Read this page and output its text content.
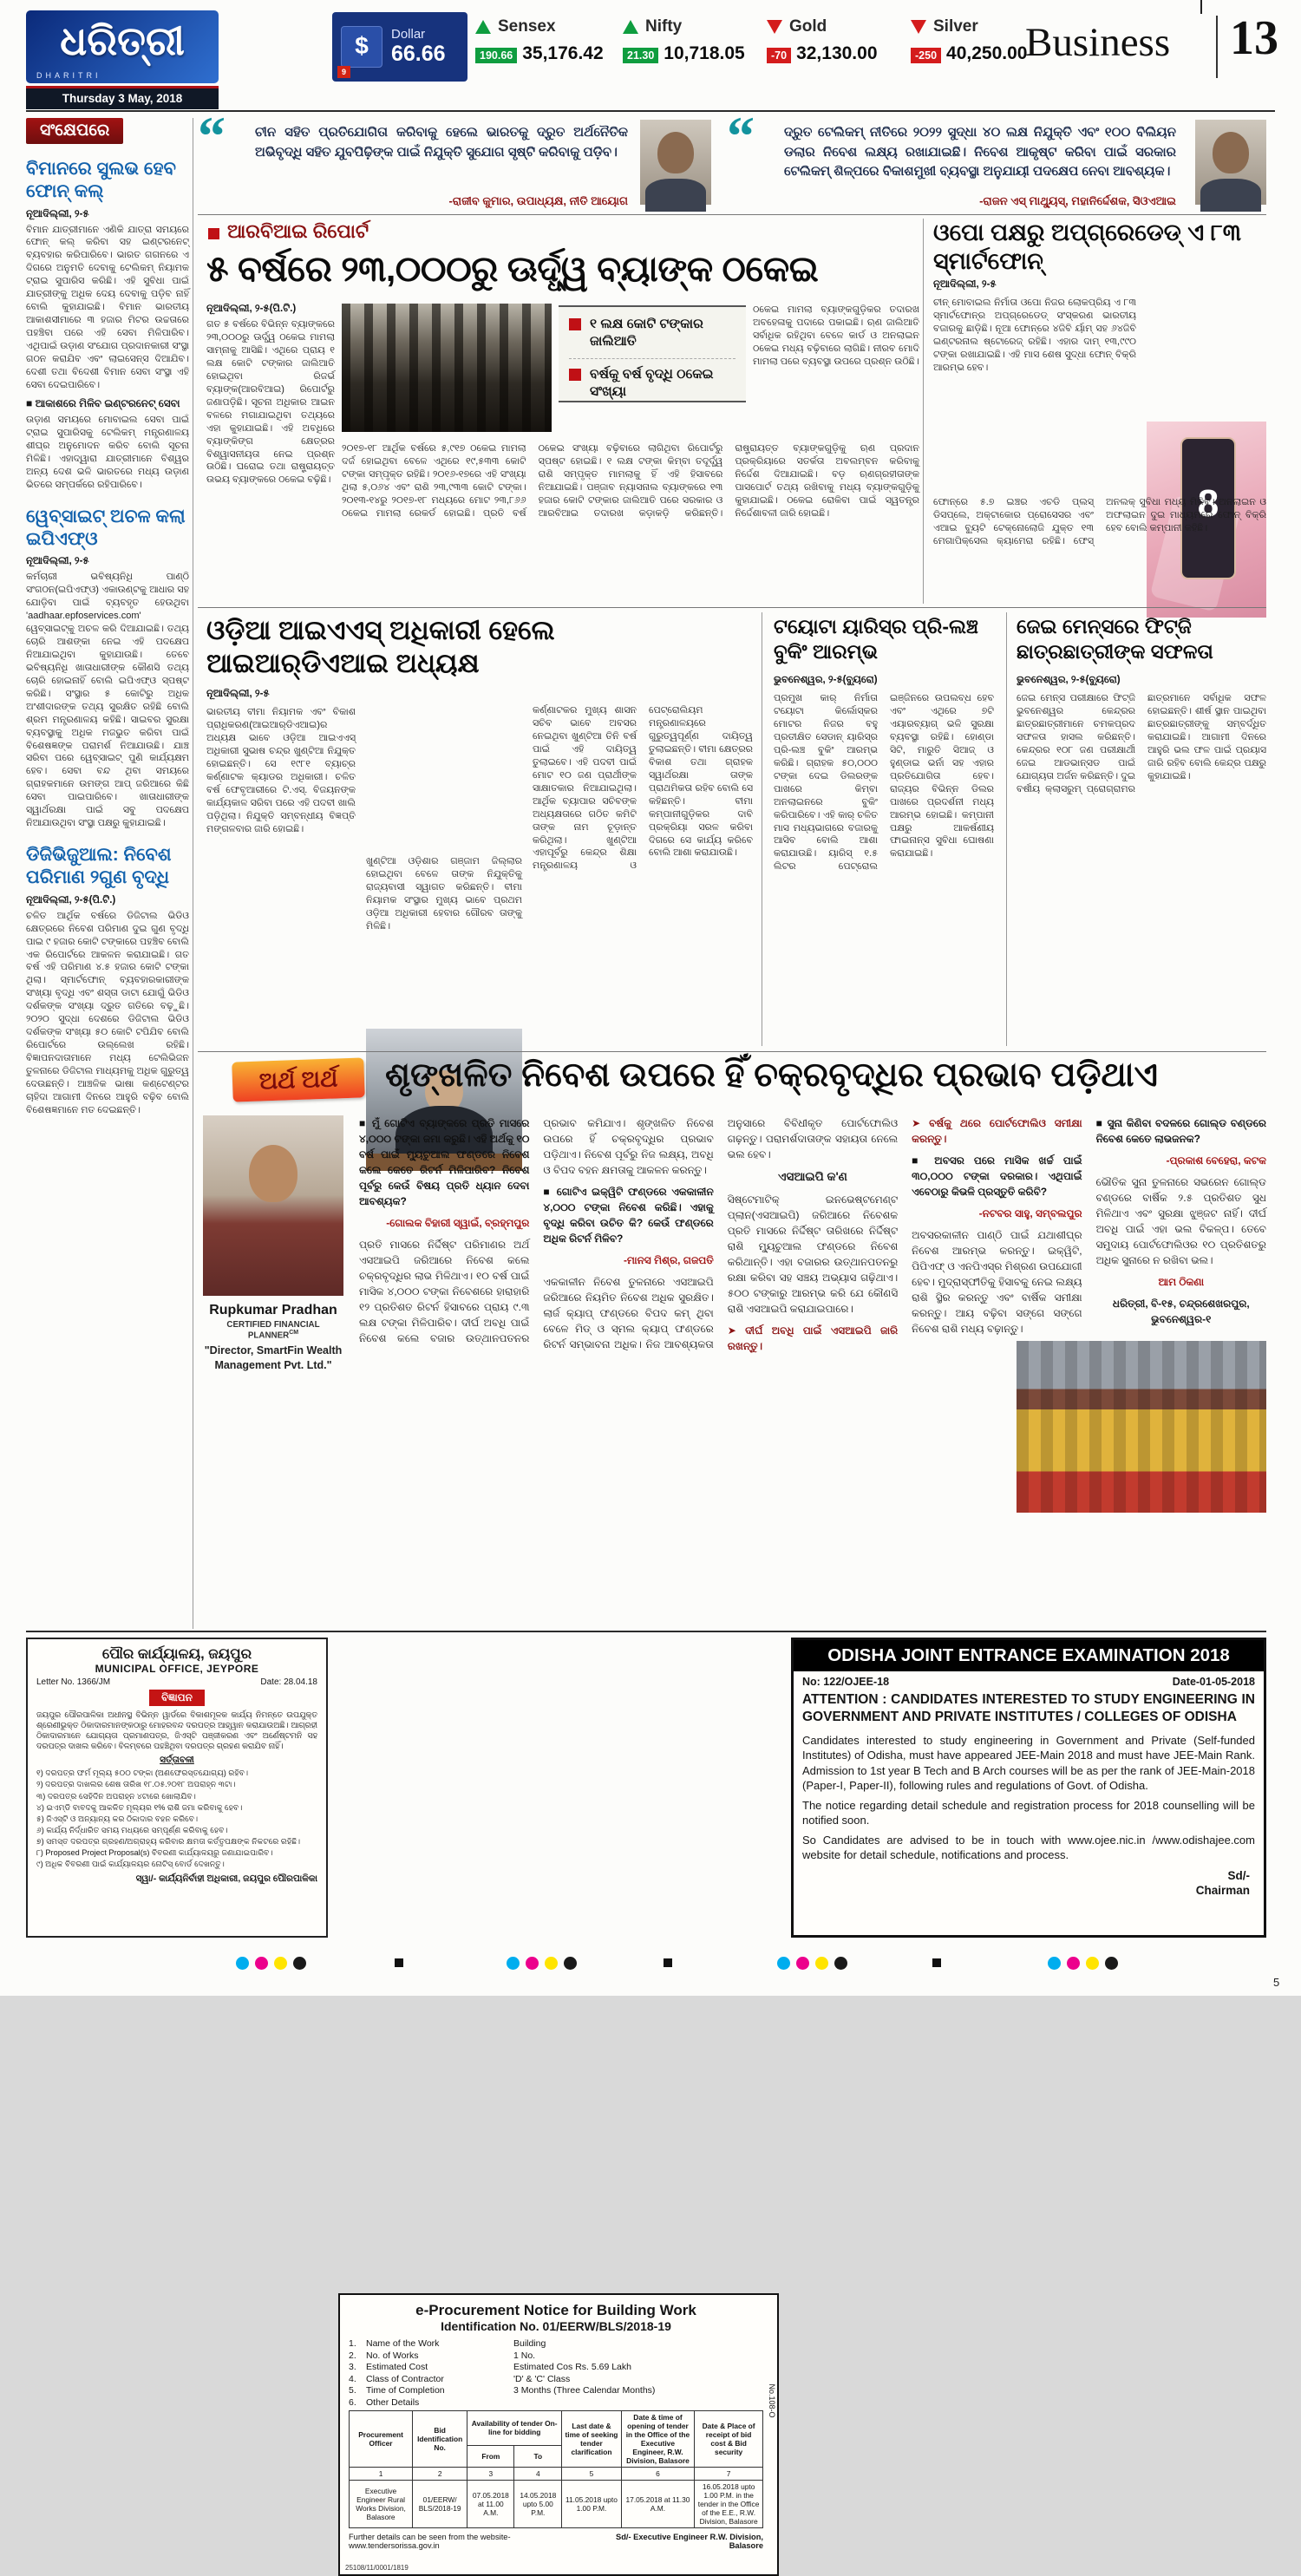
ଧରିତ୍ରୀ
DHARITRI
Thursday 3 May, 2018
$
9
Dollar
66.66
Sensex
190.66 35,176.42
Nifty
21.30 10,718.05
Gold
-70 32,130.00
Silver
-250 40,250.00
Business 13
“ ଚୀନ ସହିତ ପ୍ରତିଯୋଗିତା କରିବାକୁ ହେଲେ ଭାରତକୁ ଦ୍ରୁତ ଅର୍ଥନୈତିକ ଅଭିବୃଦ୍ଧି ସହିତ ଯୁବପିଢ଼ିଙ୍କ ପାଇଁ ନିଯୁକ୍ତି ସୁଯୋଗ ସୃଷ୍ଟି କରିବାକୁ ପଡ଼ିବ।
-ରାଜୀବ କୁମାର, ଉପାଧ୍ୟକ୍ଷ, ନୀତି ଆୟୋଗ
“ ଦ୍ରୁତ ଟେଲିକମ୍ ନୀତିରେ ୨୦୨୨ ସୁଦ୍ଧା ୪୦ ଲକ୍ଷ ନିଯୁକ୍ତି ଏବଂ ୧୦୦ ବିଲିୟନ ଡଲାର ନିବେଶ ଲକ୍ଷ୍ୟ ରଖାଯାଇଛି। ନିବେଶ ଆକୃଷ୍ଟ କରିବା ପାଇଁ ସରକାର ଟେଲିକମ୍ ଶିଳ୍ପରେ ବିକାଶମୁଖୀ ବ୍ୟବସ୍ଥା ଅନୁଯାୟୀ ପଦକ୍ଷେପ ନେବା ଆବଶ୍ୟକ।
-ରାଜନ ଏସ୍ ମାଥ୍ୟୁସ୍, ମହାନିର୍ଦ୍ଦେଶକ, ସିଓଏଆଇ
ସଂକ୍ଷେପରେ
ବିମାନରେ ସୁଲଭ ହେବ ଫୋନ୍ କଲ୍
ନୂଆଦିଲ୍ଲୀ, ୨-୫

ବିମାନ ଯାତ୍ରୀମାନେ ଏଣିକି ଯାତ୍ରା ସମୟରେ ଫୋନ୍ କଲ୍ କରିବା ସହ ଇଣ୍ଟରନେଟ୍ ବ୍ୟବହାର କରିପାରିବେ। ଭାରତ ଗଗନରେ ଏ ଦିଗରେ ଅନୁମତି ଦେବାକୁ ଟେଲିକମ୍ ନିୟାମକ ଟ୍ରାଇ ସୁପାରିସ କରିଛି। ଏହି ସୁବିଧା ପାଇଁ ଯାତ୍ରୀଙ୍କୁ ଅଧିକ ଦେୟ ଦେବାକୁ ପଡ଼ିବ ନାହିଁ ବୋଲି କୁହାଯାଇଛି। ବିମାନ ଭାରତୀୟ ଆକାଶସୀମାରେ ୩ ହଜାର ମିଟର ଉଚ୍ଚତାରେ ପହଞ୍ଚିବା ପରେ ଏହି ସେବା ମିଳିପାରିବ। ଏଥିପାଇଁ ଉଡ଼ାଣ ସଂଯୋଗ ପ୍ରଦାନକାରୀ ସଂସ୍ଥା ଗଠନ କରାଯିବ ଏବଂ ଲାଇସେନ୍ସ ଦିଆଯିବ। ଦେଶୀ ତଥା ବିଦେଶୀ ବିମାନ ସେବା ସଂସ୍ଥା ଏହି ସେବା ଦେଇପାରିବେ।

■ ଆକାଶରେ ମିଳିବ ଇଣ୍ଟରନେଟ୍ ସେବା

ଉଡ଼ାଣ ସମୟରେ ମୋବାଇଲ ସେବା ପାଇଁ ଟ୍ରାଇ ସୁପାରିସକୁ ଟେଲିକମ୍ ମନ୍ତ୍ରଣାଳୟ ଶୀଘ୍ର ଅନୁମୋଦନ କରିବ ବୋଲି ସୂଚନା ମିଳିଛି। ଏହାଦ୍ୱାରା ଯାତ୍ରୀମାନେ ବିଶ୍ୱର ଅନ୍ୟ ଦେଶ ଭଳି ଭାରତରେ ମଧ୍ୟ ଉଡ଼ାଣ ଭିତରେ ସମ୍ପର୍କରେ ରହିପାରିବେ।

ୱେବ୍‌ସାଇଟ୍ ଅଚଳ କଲା ଇପିଏଫ୍ଓ
ନୂଆଦିଲ୍ଲୀ, ୨-୫

କର୍ମଚାରୀ ଭବିଷ୍ୟନିଧି ପାଣ୍ଠି ସଂଗଠନ(ଇପିଏଫ୍ଓ) ଏକାଉଣ୍ଟକୁ ଆଧାର ସହ ଯୋଡ଼ିବା ପାଇଁ ବ୍ୟବହୃତ ହେଉଥିବା 'aadhaar.epfoservices.com' ୱେବ୍‌ସାଇଟ୍‌କୁ ଅଚଳ କରି ଦିଆଯାଇଛି। ତଥ୍ୟ ଚୋରି ଆଶଙ୍କା ନେଇ ଏହି ପଦକ୍ଷେପ ନିଆଯାଇଥିବା କୁହାଯାଉଛି। ତେବେ ଭବିଷ୍ୟନିଧି ଖାତାଧାରୀଙ୍କ କୌଣସି ତଥ୍ୟ ଚୋରି ହୋଇନାହିଁ ବୋଲି ଇପିଏଫ୍ଓ ସ୍ପଷ୍ଟ କରିଛି। ସଂସ୍ଥାର ୫ କୋଟିରୁ ଅଧିକ ଅଂଶୀଦାରଙ୍କ ତଥ୍ୟ ସୁରକ୍ଷିତ ରହିଛି ବୋଲି ଶ୍ରମ ମନ୍ତ୍ରଣାଳୟ କହିଛି। ସାଇବର ସୁରକ୍ଷା ବ୍ୟବସ୍ଥାକୁ ଅଧିକ ମଜଭୁତ କରିବା ପାଇଁ ବିଶେଷଜ୍ଞଙ୍କ ପରାମର୍ଶ ନିଆଯାଉଛି। ଯାଞ୍ଚ ସରିବା ପରେ ୱେବ୍‌ସାଇଟ୍ ପୁଣି କାର୍ଯ୍ୟକ୍ଷମ ହେବ। ସେବା ବନ୍ଦ ଥିବା ସମୟରେ ଗ୍ରାହକମାନେ ଉମଙ୍ଗ ଆପ୍ ଜରିଆରେ କିଛି ସେବା ପାଇପାରିବେ। ଖାତାଧାରୀଙ୍କ ସ୍ୱାର୍ଥରକ୍ଷା ପାଇଁ ସବୁ ପଦକ୍ଷେପ ନିଆଯାଉଥିବା ସଂସ୍ଥା ପକ୍ଷରୁ କୁହାଯାଇଛି।

ଡିଜିଭିଜୁଆଲ: ନିବେଶ ପରିମାଣ ୨ଗୁଣ ବୃଦ୍ଧି
ନୂଆଦିଲ୍ଲୀ, ୨-୫(ପି.ଟି.)

ଚଳିତ ଆର୍ଥିକ ବର୍ଷରେ ଡିଜିଟାଲ ଭିଡିଓ କ୍ଷେତ୍ରରେ ନିବେଶ ପରିମାଣ ଦୁଇ ଗୁଣ ବୃଦ୍ଧି ପାଇ ୯ ହଜାର କୋଟି ଟଙ୍କାରେ ପହଞ୍ଚିବ ବୋଲି ଏକ ରିପୋର୍ଟରେ ଆକଳନ କରାଯାଇଛି। ଗତ ବର୍ଷ ଏହି ପରିମାଣ ୪.୫ ହଜାର କୋଟି ଟଙ୍କା ଥିଲା। ସ୍ମାର୍ଟଫୋନ୍ ବ୍ୟବହାରକାରୀଙ୍କ ସଂଖ୍ୟା ବୃଦ୍ଧି ଏବଂ ଶସ୍ତା ଡାଟା ଯୋଗୁଁ ଭିଡିଓ ଦର୍ଶକଙ୍କ ସଂଖ୍ୟା ଦ୍ରୁତ ଗତିରେ ବଢ଼ୁଛି। ୨୦୨୦ ସୁଦ୍ଧା ଦେଶରେ ଡିଜିଟାଲ ଭିଡିଓ ଦର୍ଶକଙ୍କ ସଂଖ୍ୟା ୫୦ କୋଟି ଟପିଯିବ ବୋଲି ରିପୋର୍ଟରେ ଉଲ୍ଲେଖ ରହିଛି। ବିଜ୍ଞାପନଦାତାମାନେ ମଧ୍ୟ ଟେଲିଭିଜନ ତୁଳନାରେ ଡିଜିଟାଲ ମାଧ୍ୟମକୁ ଅଧିକ ଗୁରୁତ୍ୱ ଦେଉଛନ୍ତି। ଆଞ୍ଚଳିକ ଭାଷା କଣ୍ଟେଣ୍ଟର ଚାହିଦା ଆଗାମୀ ଦିନରେ ଆହୁରି ବଢ଼ିବ ବୋଲି ବିଶେଷଜ୍ଞମାନେ ମତ ଦେଇଛନ୍ତି।

ଆରବିଆଇ ରିପୋର୍ଟ
୫ ବର୍ଷରେ ୨୩,୦୦୦ରୁ ଊର୍ଦ୍ଧ୍ୱ ବ୍ୟାଙ୍କ ଠକେଇ
ନୂଆଦିଲ୍ଲୀ, ୨-୫(ପି.ଟି.)
ଗତ ୫ ବର୍ଷରେ ବିଭିନ୍ନ ବ୍ୟାଙ୍କରେ ୨୩,୦୦୦ରୁ ଊର୍ଦ୍ଧ୍ୱ ଠକେଇ ମାମଲା ସାମ୍ନାକୁ ଆସିଛି। ଏଥିରେ ପ୍ରାୟ ୧ ଲକ୍ଷ କୋଟି ଟଙ୍କାର ଜାଲିଆତି ହୋଇଥିବା ରିଜର୍ଭ ବ୍ୟାଙ୍କ(ଆରବିଆଇ) ରିପୋର୍ଟରୁ ଜଣାପଡ଼ିଛି। ସୂଚନା ଅଧିକାର ଆଇନ ବଳରେ ମଗାଯାଇଥିବା ତଥ୍ୟରେ ଏହା କୁହାଯାଇଛି। ଏହି ଅବଧିରେ ବ୍ୟାଙ୍କିଙ୍ଗ କ୍ଷେତ୍ରର ବିଶ୍ୱାସନୀୟତା ନେଇ ପ୍ରଶ୍ନ ଉଠିଛି। ଘରୋଇ ତଥା ରାଷ୍ଟ୍ରାୟତ୍ତ ଉଭୟ ବ୍ୟାଙ୍କରେ ଠକେଇ ବଢ଼ିଛି।
୧ ଲକ୍ଷ କୋଟି ଟଙ୍କାର ଜାଲିଆତି
ବର୍ଷକୁ ବର୍ଷ ବୃଦ୍ଧି ଠକେଇ ସଂଖ୍ୟା
ଠକେଇ ମାମଲା ବ୍ୟାଙ୍କଗୁଡ଼ିକର ତଦାରଖ ଅବହେଳାକୁ ପଦାରେ ପକାଇଛି। ଋଣ ଜାଲିଆତି ସର୍ବାଧିକ ରହିଥିବା ବେଳେ କାର୍ଡ ଓ ଅନଲାଇନ ଠକେଇ ମଧ୍ୟ ବଢ଼ିବାରେ ଲାଗିଛି। ନୀରବ ମୋଦି ମାମଲା ପରେ ବ୍ୟବସ୍ଥା ଉପରେ ପ୍ରଶ୍ନ ଉଠିଛି।
୨୦୧୭-୧୮ ଆର୍ଥିକ ବର୍ଷରେ ୫,୯୧୭ ଠକେଇ ମାମଲା ଦର୍ଜ ହୋଇଥିବା ବେଳେ ଏଥିରେ ୧୯,୫୩୩ କୋଟି ଟଙ୍କା ସମ୍ପୃକ୍ତ ରହିଛି। ୨୦୧୬-୧୭ରେ ଏହି ସଂଖ୍ୟା ଥିଲା ୫,୦୬୪ ଏବଂ ରାଶି ୨୩,୯୩୩ କୋଟି ଟଙ୍କା। ୨୦୧୩-୧୪ରୁ ୨୦୧୭-୧୮ ମଧ୍ୟରେ ମୋଟ ୨୩,୮୬୬ ଠକେଇ ମାମଲା ରେକର୍ଡ ହୋଇଛି। ପ୍ରତି ବର୍ଷ ଠକେଇ ସଂଖ୍ୟା ବଢ଼ିବାରେ ଲାଗିଥିବା ରିପୋର୍ଟରୁ ସ୍ପଷ୍ଟ ହୋଇଛି। ୧ ଲକ୍ଷ ଟଙ୍କା କିମ୍ବା ତଦୂର୍ଦ୍ଧ୍ୱ ରାଶି ସମ୍ପୃକ୍ତ ମାମଲାକୁ ହିଁ ଏହି ହିସାବରେ ନିଆଯାଇଛି। ପଞ୍ଜାବ ନ୍ୟାସନାଲ ବ୍ୟାଙ୍କରେ ୧୩ ହଜାର କୋଟି ଟଙ୍କାର ଜାଲିଆତି ପରେ ସରକାର ଓ ଆରବିଆଇ ତଦାରଖ କଡ଼ାକଡ଼ି କରିଛନ୍ତି। ରାଷ୍ଟ୍ରାୟତ୍ତ ବ୍ୟାଙ୍କଗୁଡ଼ିକୁ ଋଣ ପ୍ରଦାନ ପ୍ରକ୍ରିୟାରେ ସତର୍କତା ଅବଲମ୍ବନ କରିବାକୁ ନିର୍ଦ୍ଦେଶ ଦିଆଯାଇଛି। ବଡ଼ ଋଣଗ୍ରହୀତାଙ୍କ ପାସପୋର୍ଟ ତଥ୍ୟ ରଖିବାକୁ ମଧ୍ୟ ବ୍ୟାଙ୍କଗୁଡ଼ିକୁ କୁହାଯାଇଛି। ଠକେଇ ରୋକିବା ପାଇଁ ସ୍ୱତନ୍ତ୍ର ନିର୍ଦ୍ଦେଶାବଳୀ ଜାରି ହୋଇଛି।
ଓପୋ ପକ୍ଷରୁ ଅପ୍‌ଗ୍ରେଡେଡ୍ ଏ ୮୩ ସ୍ମାର୍ଟଫୋନ୍
ନୂଆଦିଲ୍ଲୀ, ୨-୫
ଚୀନ୍ ମୋବାଇଲ ନିର୍ମାତା ଓପୋ ନିଜର ଲୋକପ୍ରିୟ ଏ ୮୩ ସ୍ମାର୍ଟଫୋନ୍‌ର ଅପ୍‌ଗ୍ରେଡେଡ୍ ସଂସ୍କରଣ ଭାରତୀୟ ବଜାରକୁ ଛାଡ଼ିଛି। ନୂଆ ଫୋନ୍‌ରେ ୪ଜିବି ର୍ୟାମ୍ ସହ ୬୪ଜିବି ଇଣ୍ଟରନାଲ ଷ୍ଟୋରେଜ୍ ରହିଛି। ଏହାର ଦାମ୍ ୧୩,୯୯୦ ଟଙ୍କା ରଖାଯାଇଛି। ଏହି ମାସ ଶେଷ ସୁଦ୍ଧା ଫୋନ୍ ବିକ୍ରି ଆରମ୍ଭ ହେବ।
8
ଫୋନ୍‌ରେ ୫.୭ ଇଞ୍ଚର ଏଚଡି ପ୍ଲସ୍ ଡିସପ୍ଲେ, ଅକ୍ଟାକୋର ପ୍ରୋସେସର ଏବଂ ଏଆଇ ବ୍ୟୁଟି ଟେକ୍ନୋଲୋଜି ଯୁକ୍ତ ୧୩ ମେଗାପିକ୍ସେଲ କ୍ୟାମେରା ରହିଛି। ଫେସ୍ ଅନଲକ୍ ସୁବିଧା ମଧ୍ୟ ମିଳିବ। ଅନଲାଇନ ଓ ଅଫଲାଇନ ଦୁଇ ମାଧ୍ୟମରେ ଫୋନ୍ ବିକ୍ରି ହେବ ବୋଲି କମ୍ପାନୀ କହିଛି।
ଓଡ଼ିଆ ଆଇଏଏସ୍ ଅଧିକାରୀ ହେଲେ ଆଇଆର୍‌ଡିଏଆଇ ଅଧ୍ୟକ୍ଷ
ନୂଆଦିଲ୍ଲୀ, ୨-୫
ଭାରତୀୟ ବୀମା ନିୟାମକ ଏବଂ ବିକାଶ ପ୍ରାଧିକରଣ(ଆଇଆର୍‌ଡିଏଆଇ)ର ଅଧ୍ୟକ୍ଷ ଭାବେ ଓଡ଼ିଆ ଆଇଏଏସ୍ ଅଧିକାରୀ ସୁଭାଷ ଚନ୍ଦ୍ର ଖୁଣ୍ଟିଆ ନିଯୁକ୍ତ ହୋଇଛନ୍ତି। ସେ ୧୯୮୧ ବ୍ୟାଚ୍‌ର କର୍ଣ୍ଣାଟକ କ୍ୟାଡର ଅଧିକାରୀ। ଚଳିତ ବର୍ଷ ଫେବୃଆରୀରେ ଟି.ଏସ୍. ବିଜୟନଙ୍କ କାର୍ଯ୍ୟକାଳ ସରିବା ପରେ ଏହି ପଦବୀ ଖାଲି ପଡ଼ିଥିଲା। ନିଯୁକ୍ତି ସମ୍ବନ୍ଧୀୟ ବିଜ୍ଞପ୍ତି ମଙ୍ଗଳବାର ଜାରି ହୋଇଛି।
ଖୁଣ୍ଟିଆ ଓଡ଼ିଶାର ଗଞ୍ଜାମ ଜିଲ୍ଲାର ହୋଇଥିବା ବେଳେ ତାଙ୍କ ନିଯୁକ୍ତିକୁ ରାଜ୍ୟବାସୀ ସ୍ୱାଗତ କରିଛନ୍ତି। ବୀମା ନିୟାମକ ସଂସ୍ଥାର ମୁଖ୍ୟ ଭାବେ ପ୍ରଥମ ଓଡ଼ିଆ ଅଧିକାରୀ ହେବାର ଗୌରବ ତାଙ୍କୁ ମିଳିଛି।
କର୍ଣ୍ଣାଟକର ମୁଖ୍ୟ ଶାସନ ସଚିବ ଭାବେ ଅବସର ନେଇଥିବା ଖୁଣ୍ଟିଆ ତିନି ବର୍ଷ ପାଇଁ ଏହି ଦାୟିତ୍ୱ ତୁଲାଇବେ। ଏହି ପଦବୀ ପାଇଁ ମୋଟ ୧୦ ଜଣ ପ୍ରାର୍ଥୀଙ୍କ ସାକ୍ଷାତକାର ନିଆଯାଇଥିଲା। ଆର୍ଥିକ ବ୍ୟାପାର ସଚିବଙ୍କ ଅଧ୍ୟକ୍ଷତାରେ ଗଠିତ କମିଟି ତାଙ୍କ ନାମ ଚୂଡ଼ାନ୍ତ କରିଥିଲା। ଖୁଣ୍ଟିଆ ଏହାପୂର୍ବରୁ କେନ୍ଦ୍ର ଶିକ୍ଷା ମନ୍ତ୍ରଣାଳୟ ଓ ପେଟ୍ରୋଲିୟମ ମନ୍ତ୍ରଣାଳୟରେ ଗୁରୁତ୍ୱପୂର୍ଣ୍ଣ ଦାୟିତ୍ୱ ତୁଲାଇଛନ୍ତି। ବୀମା କ୍ଷେତ୍ରର ବିକାଶ ତଥା ଗ୍ରାହକ ସ୍ୱାର୍ଥରକ୍ଷା ତାଙ୍କ ପ୍ରାଥମିକତା ରହିବ ବୋଲି ସେ କହିଛନ୍ତି। ବୀମା କମ୍ପାନୀଗୁଡ଼ିକର ଦାବି ପ୍ରକ୍ରିୟା ସରଳ କରିବା ଦିଗରେ ସେ କାର୍ଯ୍ୟ କରିବେ ବୋଲି ଆଶା କରାଯାଉଛି।
ଟୟୋଟା ୟାରିସ୍‌ର ପ୍ରି-ଲଞ୍ଚ ବୁକିଂ ଆରମ୍ଭ
ଭୁବନେଶ୍ୱର, ୨-୫(ବ୍ୟୁରୋ)
ପ୍ରମୁଖ କାର୍ ନିର୍ମାତା ଟୟୋଟା କିର୍ଲୋସ୍କର ମୋଟର ନିଜର ବହୁ ପ୍ରତୀକ୍ଷିତ ସେଡାନ୍ ୟାରିସ୍‌ର ପ୍ରି-ଲଞ୍ଚ ବୁକିଂ ଆରମ୍ଭ କରିଛି। ଗ୍ରାହକ ୫୦,୦୦୦ ଟଙ୍କା ଦେଇ ଡିଲରଙ୍କ ପାଖରେ କିମ୍ବା ଅନଲାଇନରେ ବୁକିଂ କରିପାରିବେ। ଏହି କାର୍ ଚଳିତ ମାସ ମଧ୍ୟଭାଗରେ ବଜାରକୁ ଆସିବ ବୋଲି ଆଶା କରାଯାଉଛି। ୟାରିସ୍ ୧.୫ ଲିଟର ପେଟ୍ରୋଲ ଇଞ୍ଜିନରେ ଉପଲବ୍ଧ ହେବ ଏବଂ ଏଥିରେ ୭ଟି ଏୟାରବ୍ୟାଗ୍ ଭଳି ସୁରକ୍ଷା ବ୍ୟବସ୍ଥା ରହିଛି। ହୋଣ୍ଡା ସିଟି, ମାରୁତି ସିଆଜ୍ ଓ ହୁଣ୍ଡାଇ ଭର୍ନା ସହ ଏହାର ପ୍ରତିଯୋଗିତା ହେବ। ରାଜ୍ୟର ବିଭିନ୍ନ ଡିଲର ପାଖରେ ପ୍ରଦର୍ଶନୀ ମଧ୍ୟ ଆରମ୍ଭ ହୋଇଛି। କମ୍ପାନୀ ପକ୍ଷରୁ ଆକର୍ଷଣୀୟ ଫାଇନାନ୍ସ ସୁବିଧା ଘୋଷଣା କରାଯାଇଛି।
ଜେଇ ମେନ୍ସରେ ଫିଟ୍‌ଜି ଛାତ୍ରଛାତ୍ରୀଙ୍କ ସଫଳତା
ଭୁବନେଶ୍ୱର, ୨-୫(ବ୍ୟୁରୋ)
ଜେଇ ମେନ୍ସ ପରୀକ୍ଷାରେ ଫିଟ୍‌ଜି ଭୁବନେଶ୍ୱର କେନ୍ଦ୍ରର ଛାତ୍ରଛାତ୍ରୀମାନେ ଚମକପ୍ରଦ ସଫଳତା ହାସଲ କରିଛନ୍ତି। କେନ୍ଦ୍ରର ୧୦୮ ଜଣ ପରୀକ୍ଷାର୍ଥୀ ଜେଇ ଆଡଭାନ୍ସଡ ପାଇଁ ଯୋଗ୍ୟତା ଅର୍ଜନ କରିଛନ୍ତି। ଦୁଇ ବର୍ଷୀୟ କ୍ଲାସରୁମ୍ ପ୍ରୋଗ୍ରାମର ଛାତ୍ରମାନେ ସର୍ବାଧିକ ସଫଳ ହୋଇଛନ୍ତି। ଶୀର୍ଷ ସ୍ଥାନ ପାଇଥିବା ଛାତ୍ରଛାତ୍ରୀଙ୍କୁ ସମ୍ବର୍ଦ୍ଧିତ କରାଯାଇଛି। ଆଗାମୀ ଦିନରେ ଆହୁରି ଭଲ ଫଳ ପାଇଁ ପ୍ରୟାସ ଜାରି ରହିବ ବୋଲି କେନ୍ଦ୍ର ପକ୍ଷରୁ କୁହାଯାଇଛି।
ଅର୍ଥ ଅର୍ଥ	ଶୃଙ୍ଖଳିତ ନିବେଶ ଉପରେ ହିଁ ଚକ୍ରବୃଦ୍ଧିର ପ୍ରଭାବ ପଡ଼ିଥାଏ
Rupkumar Pradhan
CERTIFIED FINANCIAL $PLANNER^{CM}$
"Director, SmartFin Wealth Management Pvt. Ltd."

■ ମୁଁ ଗୋଟିଏ ବ୍ୟାଙ୍କରେ ପ୍ରତି ମାସରେ ୪,୦୦୦ ଟଙ୍କା ଜମା କରୁଛି। ଏହି ଅର୍ଥକୁ ୧୦ ବର୍ଷ ପାଇଁ ମ୍ୟୁଚୁଆଲ ଫଣ୍ଡରେ ନିବେଶ କଲେ କେତେ ରିଟର୍ନ ମିଳିପାରିବ? ନିବେଶ ପୂର୍ବରୁ କେଉଁ ବିଷୟ ପ୍ରତି ଧ୍ୟାନ ଦେବା ଆବଶ୍ୟକ?

-ଗୋଲକ ବିହାରୀ ସ୍ୱାଇଁ, ବ୍ରହ୍ମପୁର

ପ୍ରତି ମାସରେ ନିର୍ଦ୍ଦିଷ୍ଟ ପରିମାଣର ଅର୍ଥ ଏସଆଇପି ଜରିଆରେ ନିବେଶ କଲେ ଚକ୍ରବୃଦ୍ଧିର ଲାଭ ମିଳିଥାଏ। ୧୦ ବର୍ଷ ପାଇଁ ମାସିକ ୪,୦୦୦ ଟଙ୍କା ନିବେଶରେ ହାରାହାରି ୧୨ ପ୍ରତିଶତ ରିଟର୍ନ ହିସାବରେ ପ୍ରାୟ ୯.୩ ଲକ୍ଷ ଟଙ୍କା ମିଳିପାରିବ। ଦୀର୍ଘ ଅବଧି ପାଇଁ ନିବେଶ କଲେ ବଜାର ଉତ୍‌ଥାନପତନର ପ୍ରଭାବ କମିଯାଏ। ଶୃଙ୍ଖଳିତ ନିବେଶ ଉପରେ ହିଁ ଚକ୍ରବୃଦ୍ଧିର ପ୍ରଭାବ ପଡ଼ିଥାଏ। ନିବେଶ ପୂର୍ବରୁ ନିଜ ଲକ୍ଷ୍ୟ, ଅବଧି ଓ ବିପଦ ବହନ କ୍ଷମତାକୁ ଆକଳନ କରନ୍ତୁ।

■ ଗୋଟିଏ ଇକ୍ୱିଟି ଫଣ୍ଡରେ ଏକକାଳୀନ ୪,୦୦୦ ଟଙ୍କା ନିବେଶ କରିଛି। ଏହାକୁ ବୃଦ୍ଧି କରିବା ଉଚିତ କି? କେଉଁ ଫଣ୍ଡରେ ଅଧିକ ରିଟର୍ନ ମିଳିବ?

-ମାନସ ମିଶ୍ର, ଗଜପତି

ଏକକାଳୀନ ନିବେଶ ତୁଳନାରେ ଏସଆଇପି ଜରିଆରେ ନିୟମିତ ନିବେଶ ଅଧିକ ସୁରକ୍ଷିତ। ଲାର୍ଜ କ୍ୟାପ୍ ଫଣ୍ଡରେ ବିପଦ କମ୍ ଥିବା ବେଳେ ମିଡ୍ ଓ ସ୍ମଲ କ୍ୟାପ୍ ଫଣ୍ଡରେ ରିଟର୍ନ ସମ୍ଭାବନା ଅଧିକ। ନିଜ ଆବଶ୍ୟକତା ଅନୁସାରେ ବିବିଧୀକୃତ ପୋର୍ଟଫୋଲିଓ ଗଢ଼ନ୍ତୁ। ପରାମର୍ଶଦାତାଙ୍କ ସହାୟତା ନେଲେ ଭଲ ହେବ।

ଏସଆଇପି କ'ଣ

ସିଷ୍ଟେମାଟିକ୍ ଇନଭେଷ୍ଟମେଣ୍ଟ ପ୍ଲାନ(ଏସଆଇପି) ଜରିଆରେ ନିବେଶକ ପ୍ରତି ମାସରେ ନିର୍ଦ୍ଦିଷ୍ଟ ତାରିଖରେ ନିର୍ଦ୍ଦିଷ୍ଟ ରାଶି ମ୍ୟୁଚୁଆଲ ଫଣ୍ଡରେ ନିବେଶ କରିଥାନ୍ତି। ଏହା ବଜାରର ଉତ୍‌ଥାନପତନରୁ ରକ୍ଷା କରିବା ସହ ସଞ୍ଚୟ ଅଭ୍ୟାସ ଗଢ଼ିଥାଏ। ୫୦୦ ଟଙ୍କାରୁ ଆରମ୍ଭ କରି ଯେ କୌଣସି ରାଶି ଏସଆଇପି କରାଯାଇପାରେ।

➤ ଦୀର୍ଘ ଅବଧି ପାଇଁ ଏସଆଇପି ଜାରି ରଖନ୍ତୁ।

➤ ବର୍ଷକୁ ଥରେ ପୋର୍ଟଫୋଲିଓ ସମୀକ୍ଷା କରନ୍ତୁ।

■ ଅବସର ପରେ ମାସିକ ଖର୍ଚ୍ଚ ପାଇଁ ୩୦,୦୦୦ ଟଙ୍କା ଦରକାର। ଏଥିପାଇଁ ଏବେଠାରୁ କିଭଳି ପ୍ରସ୍ତୁତି କରିବି?

-ନଟବର ସାହୁ, ସମ୍ବଲପୁର

ଅବସରକାଳୀନ ପାଣ୍ଠି ପାଇଁ ଯଥାଶୀଘ୍ର ନିବେଶ ଆରମ୍ଭ କରନ୍ତୁ। ଇକ୍ୱିଟି, ପିପିଏଫ୍ ଓ ଏନପିଏସ୍‌ର ମିଶ୍ରଣ ଉପଯୋଗୀ ହେବ। ମୁଦ୍ରାସ୍ଫୀତିକୁ ହିସାବକୁ ନେଇ ଲକ୍ଷ୍ୟ ରାଶି ସ୍ଥିର କରନ୍ତୁ ଏବଂ ବାର୍ଷିକ ସମୀକ୍ଷା କରନ୍ତୁ। ଆୟ ବଢ଼ିବା ସଙ୍ଗେ ସଙ୍ଗେ ନିବେଶ ରାଶି ମଧ୍ୟ ବଢ଼ାନ୍ତୁ।

■ ସୁନା କିଣିବା ବଦଳରେ ଗୋଲ୍ଡ ବଣ୍ଡରେ ନିବେଶ କେତେ ଲାଭଜନକ?

-ପ୍ରକାଶ ବେହେରା, କଟକ

ଭୌତିକ ସୁନା ତୁଳନାରେ ସଭରେନ ଗୋଲ୍ଡ ବଣ୍ଡରେ ବାର୍ଷିକ ୨.୫ ପ୍ରତିଶତ ସୁଧ ମିଳିଥାଏ ଏବଂ ସୁରକ୍ଷା ଝୁଞ୍ଜଟ ନାହିଁ। ଦୀର୍ଘ ଅବଧି ପାଇଁ ଏହା ଭଲ ବିକଳ୍ପ। ତେବେ ସମୁଦାୟ ପୋର୍ଟଫୋଲିଓର ୧୦ ପ୍ରତିଶତରୁ ଅଧିକ ସୁନାରେ ନ ରଖିବା ଭଲ।

ଆମ ଠିକଣା

ଧରିତ୍ରୀ, ବି-୧୫, ଚନ୍ଦ୍ରଶେଖରପୁର, ଭୁବନେଶ୍ୱର-୧

ପୌର କାର୍ଯ୍ୟାଳୟ, ଜୟପୁର
MUNICIPAL OFFICE, JEYPORE
Letter No. 1366/JM	Date: 28.04.18
ବିଜ୍ଞାପନ

ଜୟପୁର ପୌରପାଳିକା ଅଧୀନସ୍ଥ ବିଭିନ୍ନ ୱାର୍ଡରେ ବିକାଶମୂଳକ କାର୍ଯ୍ୟ ନିମନ୍ତେ ଉପଯୁକ୍ତ ଶ୍ରେଣୀଭୁକ୍ତ ଠିକାଦାରମାନଙ୍କଠାରୁ ମୋହରବନ୍ଦ ଦରପତ୍ର ଆହ୍ୱାନ କରାଯାଉଅଛି। ଆଗ୍ରହୀ ଠିକାଦାରମାନେ ଯୋଗ୍ୟତା ପ୍ରମାଣପତ୍ର, ଜିଏସ୍‌ଟି ପଞ୍ଜୀକରଣ ଏବଂ ଅର୍ଣେଷ୍ଟମନି ସହ ଦରପତ୍ର ଦାଖଲ କରିବେ। ବିଳମ୍ବରେ ପହଞ୍ଚିଥିବା ଦରପତ୍ର ଗ୍ରହଣ କରାଯିବ ନାହିଁ।

ସର୍ତ୍ତାବଳୀ
୧) ଦରପତ୍ର ଫର୍ମ ମୂଲ୍ୟ ୫୦୦ ଟଙ୍କା (ଅଣଫେରସ୍ତଯୋଗ୍ୟ) ରହିବ।
୨) ଦରପତ୍ର ଦାଖଲର ଶେଷ ତାରିଖ ୧୮.୦୫.୨୦୧୮ ଅପରାହ୍ନ ୩ଟା।
୩) ଦରପତ୍ର ସେହିଦିନ ଅପରାହ୍ନ ୪ଟାରେ ଖୋଲାଯିବ।
୪) ଇଏମ୍‌ଡି ବାବଦକୁ ଆକଳିତ ମୂଲ୍ୟର ୧% ରାଶି ଜମା କରିବାକୁ ହେବ।
୫) ଜିଏସ୍‌ଟି ଓ ଅନ୍ୟାନ୍ୟ କର ଠିକାଦାର ବହନ କରିବେ।
୬) କାର୍ଯ୍ୟ ନିର୍ଦ୍ଧାରିତ ସମୟ ମଧ୍ୟରେ ସମ୍ପୂର୍ଣ୍ଣ କରିବାକୁ ହେବ।
୭) ସମସ୍ତ ଦରପତ୍ର ଗ୍ରହଣ/ଅଗ୍ରାହ୍ୟ କରିବାର କ୍ଷମତା କର୍ତ୍ତୃପକ୍ଷଙ୍କ ନିକଟରେ ରହିଛି।
୮) Proposed Project Proposal(s) ବିବରଣୀ କାର୍ଯ୍ୟାଳୟରୁ ଜଣାଯାଇପାରିବ।
୯) ଅଧିକ ବିବରଣୀ ପାଇଁ କାର୍ଯ୍ୟାଳୟର ନୋଟିସ୍ ବୋର୍ଡ ଦେଖନ୍ତୁ।
ସ୍ୱା/- କାର୍ଯ୍ୟନିର୍ବାହୀ ଅଧିକାରୀ, ଜୟପୁର ପୌରପାଳିକା
e-Procurement Notice for Building Work
Identification No. 01/EERW/BLS/2018-19
1.	Name of the Work	Building
2.	No. of Works	1 No.
3.	Estimated Cost	Estimated Cos Rs. 5.69 Lakh
4.	Class of Contractor	'D' & 'C' Class
5.	Time of Completion	3 Months (Three Calendar Months)
6.	Other Details
Procurement Officer	Bid Identification No.	Availability of tender On-line for bidding		Last date & time of seeking tender clarification	Date & time of opening of tender in the Office of the Executive Engineer, R.W. Division, Balasore	Date & Place of receipt of bid cost & Bid security
		From	To			
1	2	3	4	5	6	7
Executive Engineer Rural Works Division, Balasore	01/EERW/ BLS/2018-19	07.05.2018 at 11.00 A.M.	14.05.2018 upto 5.00 P.M.	11.05.2018 upto 1.00 P.M.	17.05.2018 at 11.30 A.M.	16.05.2018 upto 1.00 P.M. in the tender in the Office of the E.E., R.W. Division, Balasore
Further details can be seen from the website- www.tendersorissa.gov.in
Sd/- Executive Engineer R.W. Division, Balasore
25108/11/0001/1819
No.108-O
ODISHA JOINT ENTRANCE EXAMINATION 2018
No: 122/OJEE-18	Date-01-05-2018
ATTENTION : CANDIDATES INTERESTED TO STUDY ENGINEERING IN GOVERNMENT AND PRIVATE INSTITUTES / COLLEGES OF ODISHA

Candidates interested to study engineering in Government and Private (Self-funded Institutes) of Odisha, must have appeared JEE-Main 2018 and must have JEE-Main Rank. Admission to 1st year B Tech and B Arch courses will be as per the rank of JEE-Main-2018 (Paper-I, Paper-II), following rules and regulations of Govt. of Odisha.

The notice regarding detail schedule and registration process for 2018 counselling will be notified soon.

So Candidates are advised to be in touch with www.ojee.nic.in /www.odishajee.com website for detail schedule, notifications and process.

Sd/-
Chairman
5
